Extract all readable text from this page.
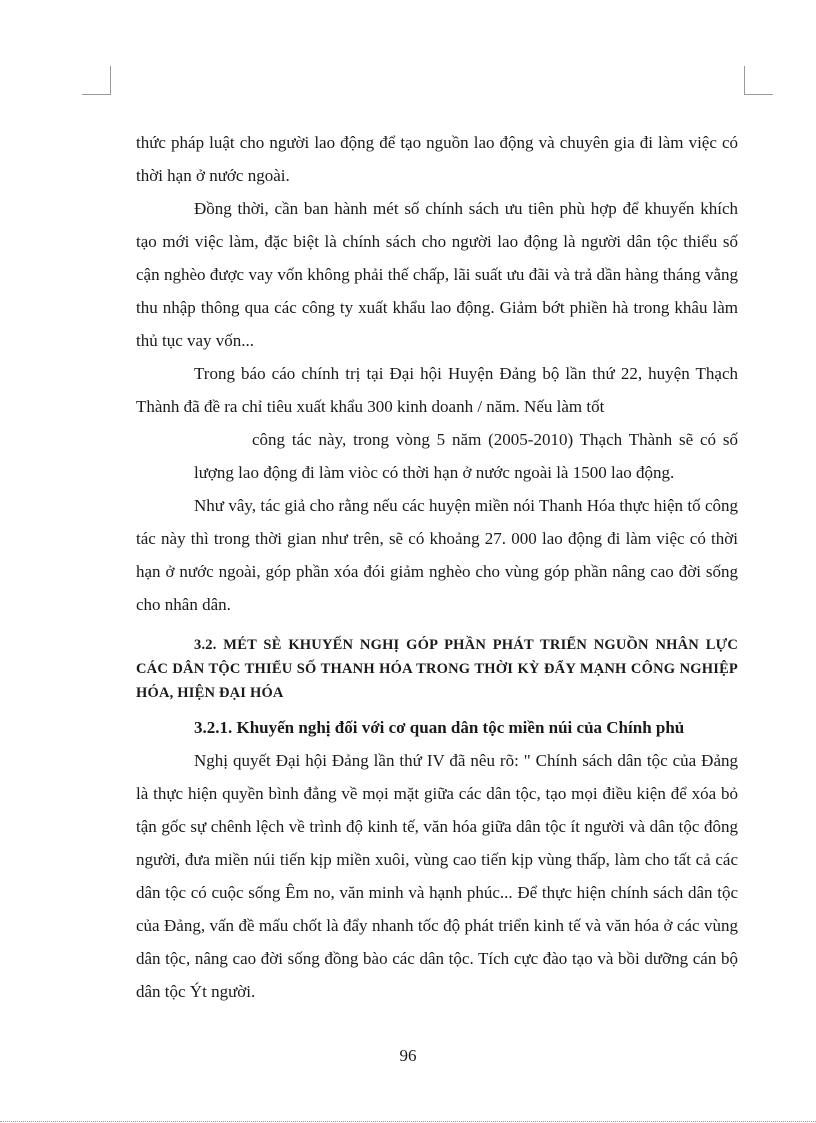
thức pháp luật cho người lao động để tạo nguồn lao động và chuyên gia đi làm việc có thời hạn ở nước ngoài.

Đồng thời, cần ban hành mét số chính sách ưu tiên phù hợp để khuyến khích tạo mới việc làm, đặc biệt là chính sách cho người lao động là người dân tộc thiểu số cận nghèo được vay vốn không phải thế chấp, lãi suất ưu đãi và trả dần hàng tháng vằng thu nhập thông qua các công ty xuất khẩu lao động. Giảm bớt phiền hà trong khâu làm thủ tục vay vốn...

Trong báo cáo chính trị tại Đại hội Huyện Đảng bộ lần thứ 22, huyện Thạch Thành đã đề ra chỉ tiêu xuất khẩu 300 kinh doanh / năm. Nếu làm tốt
công tác này, trong vòng 5 năm (2005-2010) Thạch Thành sẽ có số lượng lao động đi làm viòc có thời hạn ở nước ngoài là 1500 lao động.

Như vây, tác giả cho rằng nếu các huyện miền nói Thanh Hóa thực hiện tố công tác này thì trong thời gian như trên, sẽ có khoảng 27. 000 lao động đi làm việc có thời hạn ở nước ngoài, góp phần xóa đói giảm nghèo cho vùng góp phần nâng cao đời sống cho nhân dân.

3.2. MÉT SÈ KHUYẾN NGHỊ GÓP PHẦN PHÁT TRIỂN NGUỒN NHÂN LỰC CÁC DÂN TỘC THIỂU SỐ THANH HÓA TRONG THỜI KỲ ĐẨY MẠNH CÔNG NGHIỆP HÓA, HIỆN ĐẠI HÓA
3.2.1. Khuyến nghị đối với cơ quan dân tộc miền núi của Chính phủ

Nghị quyết Đại hội Đảng lần thứ IV đã nêu rõ: " Chính sách dân tộc của Đảng là thực hiện quyền bình đẳng về mọi mặt giữa các dân tộc, tạo mọi điều kiện để xóa bỏ tận gốc sự chênh lệch về trình độ kinh tế, văn hóa giữa dân tộc ít người và dân tộc đông người, đưa miền núi tiến kịp miền xuôi, vùng cao tiến kịp vùng thấp, làm cho tất cả các dân tộc có cuộc sống Êm no, văn minh và hạnh phúc... Để thực hiện chính sách dân tộc của Đảng, vấn đề mấu chốt là đẩy nhanh tốc độ phát triển kinh tế và văn hóa ở các vùng dân tộc, nâng cao đời sống đồng bào các dân tộc. Tích cực đào tạo và bồi dưỡng cán bộ dân tộc Ýt người.

96
